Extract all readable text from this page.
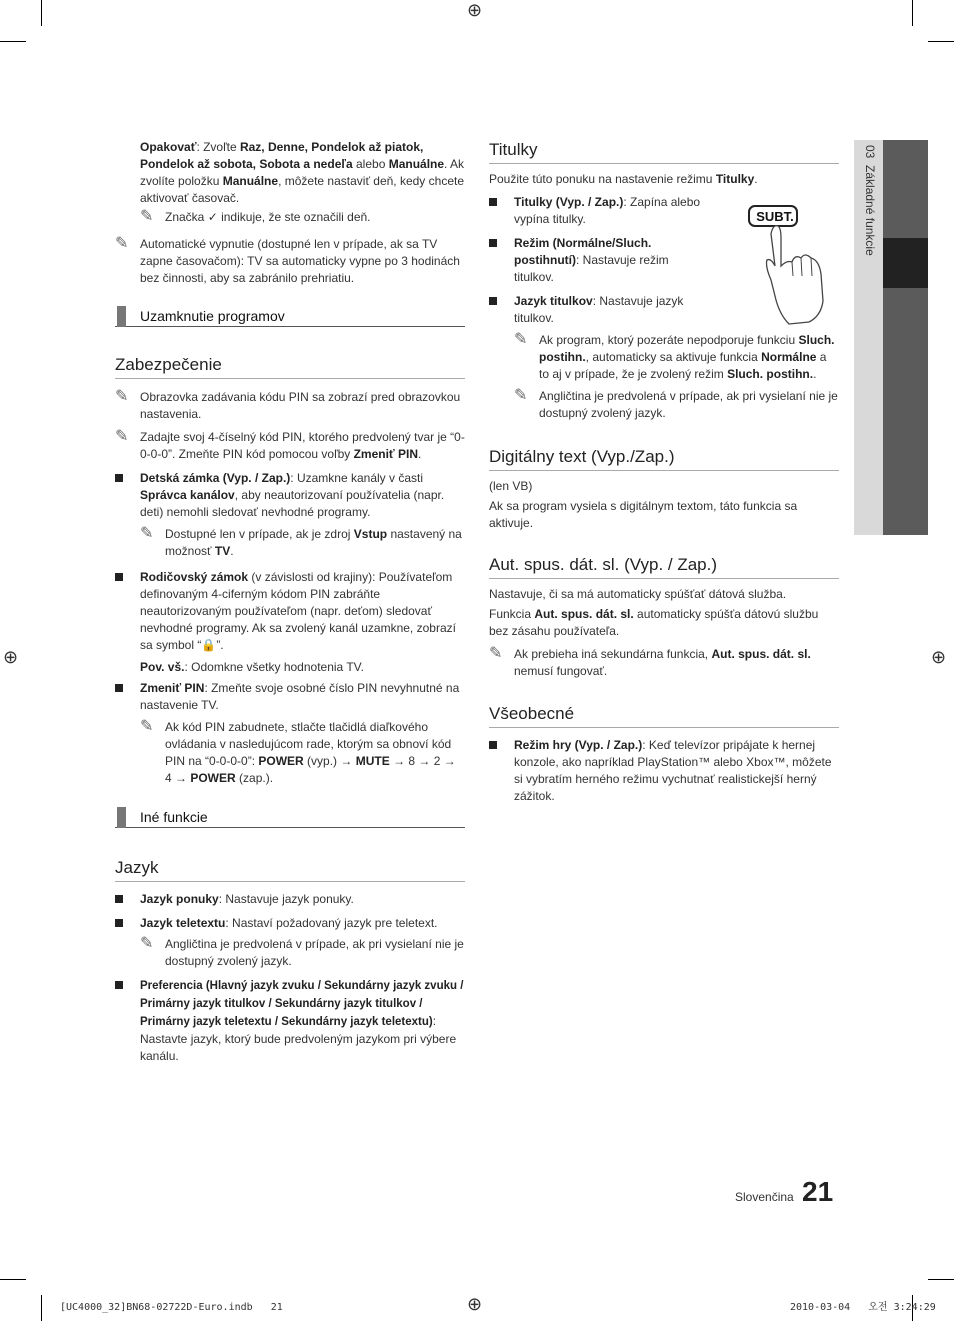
⊕
⊕	⊕
⊕
03  Základné funkcie

Opakovať: Zvoľte Raz, Denne, Pondelok až piatok, Pondelok až sobota, Sobota a nedeľa alebo Manuálne. Ak zvolíte položku Manuálne, môžete nastaviť deň, kedy chcete aktivovať časovač.

✎ Značka ✓ indikuje, že ste označili deň.
✎ Automatické vypnutie (dostupné len v prípade, ak sa TV zapne časovačom): TV sa automaticky vypne po 3 hodinách bez činnosti, aby sa zabránilo prehriatiu.
Uzamknutie programov
Zabezpečenie
✎ Obrazovka zadávania kódu PIN sa zobrazí pred obrazovkou nastavenia.
✎ Zadajte svoj 4-číselný kód PIN, ktorého predvolený tvar je “0-0-0-0”. Zmeňte PIN kód pomocou voľby Zmeniť PIN.
Detská zámka (Vyp. / Zap.): Uzamkne kanály v časti Správca kanálov, aby neautorizovaní používatelia (napr. deti) nemohli sledovať nevhodné programy.
✎ Dostupné len v prípade, ak je zdroj Vstup nastavený na možnosť TV.
Rodičovský zámok (v závislosti od krajiny): Používateľom definovaným 4-ciferným kódom PIN zabráňte neautorizovaným používateľom (napr. deťom) sledovať nevhodné programy. Ak sa zvolený kanál uzamkne, zobrazí sa symbol “🔒”.

Pov. vš.: Odomkne všetky hodnotenia TV.

Zmeniť PIN: Zmeňte svoje osobné číslo PIN nevyhnutné na nastavenie TV.
✎ Ak kód PIN zabudnete, stlačte tlačidlá diaľkového ovládania v nasledujúcom rade, ktorým sa obnoví kód PIN na “0-0-0-0”: POWER (vyp.) → MUTE → 8 → 2 → 4 → POWER (zap.).
Iné funkcie
Jazyk
Jazyk ponuky: Nastavuje jazyk ponuky.
Jazyk teletextu: Nastaví požadovaný jazyk pre teletext.
✎ Angličtina je predvolená v prípade, ak pri vysielaní nie je dostupný zvolený jazyk.
Preferencia (Hlavný jazyk zvuku / Sekundárny jazyk zvuku / Primárny jazyk titulkov / Sekundárny jazyk titulkov / Primárny jazyk teletextu / Sekundárny jazyk teletextu): Nastavte jazyk, ktorý bude predvoleným jazykom pri výbere kanálu.
Titulky

Použite túto ponuku na nastavenie režimu Titulky.

Titulky (Vyp. / Zap.): Zapína alebo vypína titulky.
Režim (Normálne/Sluch. postihnutí): Nastavuje režim titulkov.
Jazyk titulkov: Nastavuje jazyk titulkov.
SUBT.
✎ Ak program, ktorý pozeráte nepodporuje funkciu Sluch. postihn., automaticky sa aktivuje funkcia Normálne a to aj v prípade, že je zvolený režim Sluch. postihn..
✎ Angličtina je predvolená v prípade, ak pri vysielaní nie je dostupný zvolený jazyk.
Digitálny text (Vyp./Zap.)

(len VB)

Ak sa program vysiela s digitálnym textom, táto funkcia sa aktivuje.

Aut. spus. dát. sl. (Vyp. / Zap.)

Nastavuje, či sa má automaticky spúšťať dátová služba.

Funkcia Aut. spus. dát. sl. automaticky spúšťa dátovú službu bez zásahu používateľa.

✎ Ak prebieha iná sekundárna funkcia, Aut. spus. dát. sl. nemusí fungovať.
Všeobecné
Režim hry (Vyp. / Zap.): Keď televízor pripájate k hernej konzole, ako napríklad PlayStation™ alebo Xbox™, môžete si vybratím herného režimu vychutnať realistickejší herný zážitok.
Slovenčina 21
[UC4000_32]BN68-02722D-Euro.indb   21	2010-03-04   오전 3:24:29
